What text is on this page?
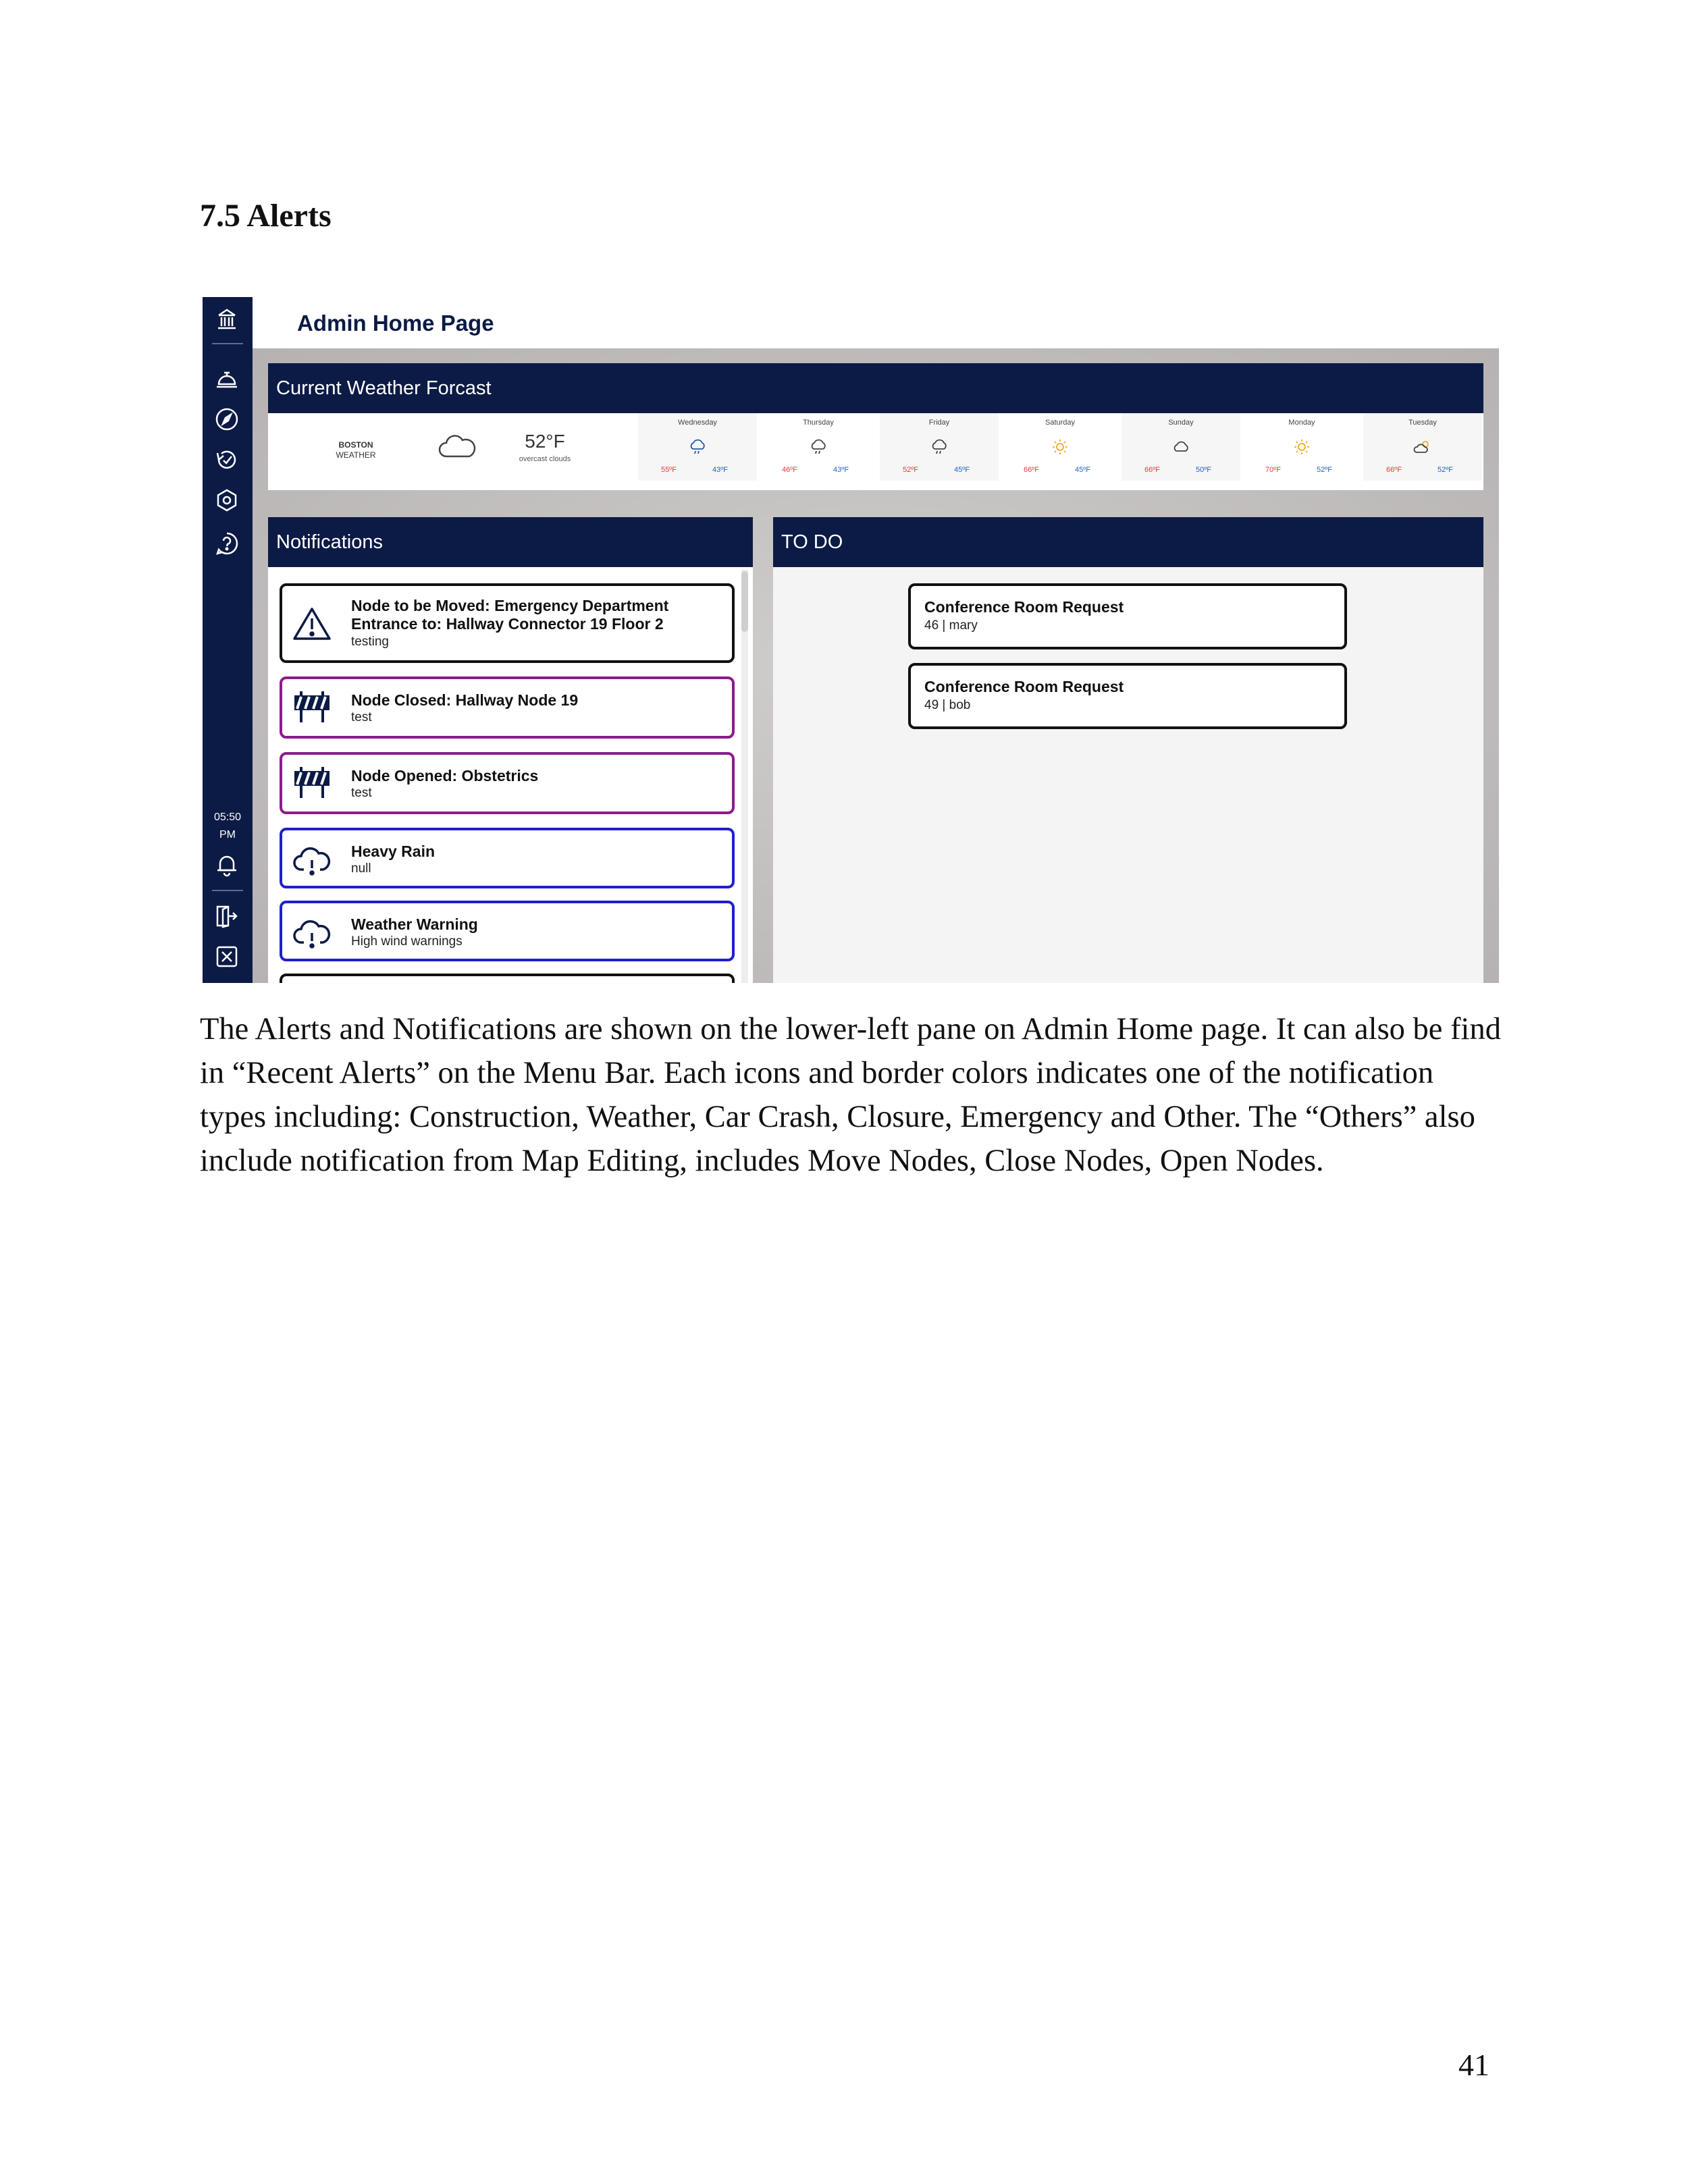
7.5 Alerts
05:50
PM
Admin Home Page
Current Weather Forcast
BOSTON
WEATHER
52°F
overcast clouds
Wednesday
55ºF	43ºF
Thursday
46ºF	43ºF
Friday
52ºF	45ºF
Saturday
66ºF	45ºF
Sunday
66ºF	50ºF
Monday
70ºF	52ºF
Tuesday
66ºF	52ºF
Notifications
Node to be Moved: Emergency Department
Entrance to: Hallway Connector 19 Floor 2
testing
Node Closed: Hallway Node 19
test
Node Opened: Obstetrics
test
Heavy Rain
null
Weather Warning
High wind warnings
TO DO
Conference Room Request
46 | mary
Conference Room Request
49 | bob
The Alerts and Notifications are shown on the lower-left pane on Admin Home page. It can also be find in “Recent Alerts” on the Menu Bar. Each icons and border colors indicates one of the notification types including: Construction, Weather, Car Crash, Closure, Emergency and Other. The “Others” also include notification from Map Editing, includes Move Nodes, Close Nodes, Open Nodes.
41
